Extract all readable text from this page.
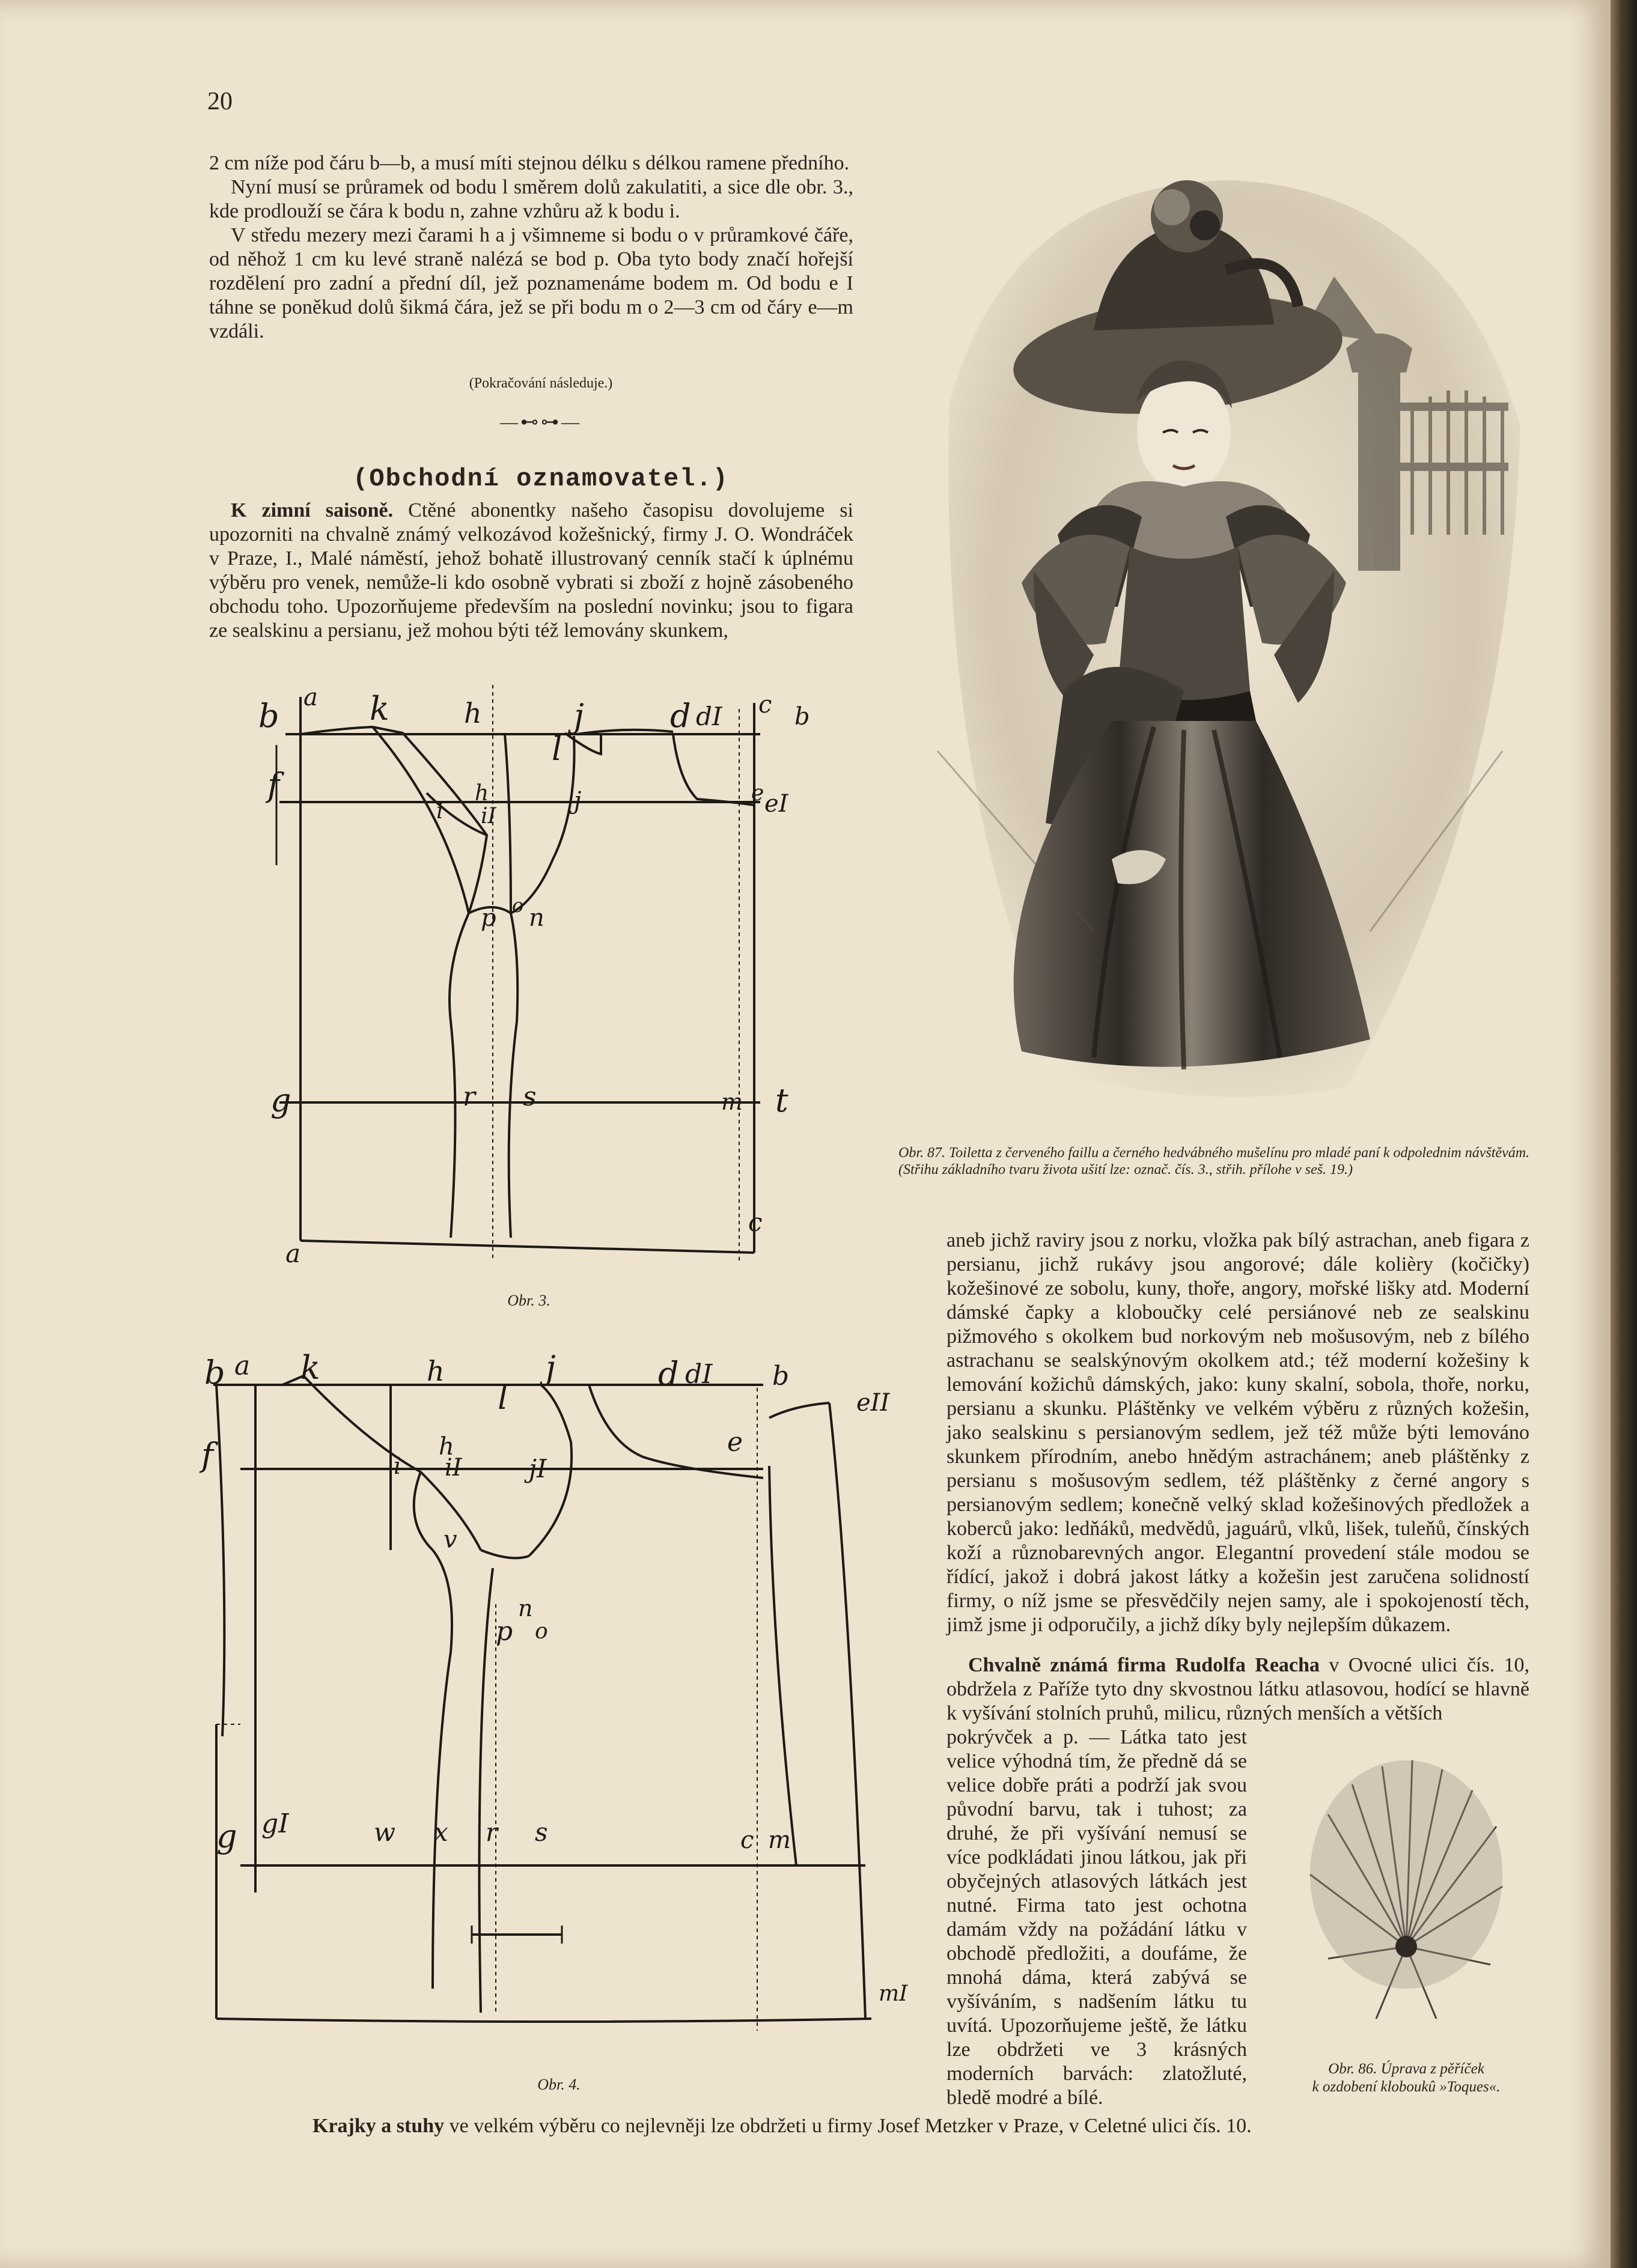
20

2 cm níže pod čáru b—b, a musí míti stejnou délku s délkou ramene předního.

Nyní musí se průramek od bodu l směrem dolů zakulatiti, a sice dle obr. 3., kde prodlouží se čára k bodu n, zahne vzhůru až k bodu i.

V středu mezery mezi čarami h a j všimneme si bodu o v průramkové čáře, od něhož 1 cm ku levé straně nalézá se bod p. Oba tyto body značí hořejší rozdělení pro zadní a přední díl, jež poznamenáme bodem m. Od bodu e I táhne se poněkud dolů šikmá čára, jež se při bodu m o 2—3 cm od čáry e—m vzdáli.

(Pokračování následuje.)
—⊷⊶—
(Obchodní oznamovatel.)
K zimní saisoně. Ctěné abonentky našeho časopisu dovolujeme si upozorniti na chvalně známý velkozávod kožešnický, firmy J. O. Wondráček v Praze, I., Malé náměstí, jehož bohatě illustrovaný cenník stačí k úplnému výběru pro venek, nemůže-li kdo osobně vybrati si zboží z hojně zásobeného obchodu toho. Upozorňujeme především na poslední novinku; jsou to figara ze sealskinu a persianu, jež mohou býti též lemovány skunkem,
a k	h	j	d dI c
b	b
f
l
h
i iI
j	e eI
p o n
g	r s	m t
c
a
Obr. 3.
b a k	h	j	d dI b
l	eII
f	e
h
i iI	jI
v
n
p o
g gI	w x r s	c m
mI
Obr. 4.
Obr. 87. Toiletta z červeného faillu a černého hedvábného mušelínu pro mladé paní k odpolednim návštěvám. (Střihu základního tvaru života ušití lze: označ. čís. 3., střih. přílohe v seš. 19.)
aneb jichž raviry jsou z norku, vložka pak bílý astrachan, aneb figara z persianu, jichž rukávy jsou angorové; dále kolièry (kočičky) kožešinové ze sobolu, kuny, thoře, angory, mořské lišky atd. Moderní dámské čapky a kloboučky celé persiánové neb ze sealskinu pižmového s okolkem bud norkovým neb mošusovým, neb z bílého astrachanu se sealskýnovým okolkem atd.; též moderní kožešiny k lemování kožichů dámských, jako: kuny skalní, sobola, thoře, norku, persianu a skunku. Pláštěnky ve velkém výběru z různých kožešin, jako sealskinu s persianovým sedlem, jež též může býti lemováno skunkem přírodním, anebo hnědým astrachánem; aneb pláštěnky z persianu s mošusovým sedlem, též pláštěnky z černé angory s persianovým sedlem; konečně velký sklad kožešinových předložek a koberců jako: ledňáků, medvědů, jaguárů, vlků, lišek, tuleňů, čínských koží a různobarevných angor. Elegantní provedení stále modou se řídící, jakož i dobrá jakost látky a kožešin jest zaručena solidností firmy, o níž jsme se přesvědčily nejen samy, ale i spokojeností těch, jimž jsme ji odporučily, a jichž díky byly nejlepším důkazem.
Chvalně známá firma Rudolfa Reacha v Ovocné ulici čís. 10, obdržela z Paříže tyto dny skvostnou látku atlasovou, hodící se hlavně k vyšívání stolních pruhů, milicu, různých menších a větších
pokrývček a p. — Látka tato jest velice výhodná tím, že předně dá se velice dobře práti a podrží jak svou původní barvu, tak i tuhost; za druhé, že při vyšívání nemusí se více podkládati jinou látkou, jak při obyčejných atlasových látkách jest nutné. Firma tato jest ochotna damám vždy na požádání látku v obchodě předložiti, a doufáme, že mnohá dáma, která zabývá se vyšíváním, s nadšením látku tu uvítá. Upozorňujeme ještě, že látku lze obdržeti ve 3 krásných moderních barvách: zlatožluté, bledě modré a bílé.
Obr. 86. Úprava z pěříček
k ozdobení kloboukû »Toques«.
Krajky a stuhy ve velkém výběru co nejlevněji lze obdržeti u firmy Josef Metzker v Praze, v Celetné ulici čís. 10.
